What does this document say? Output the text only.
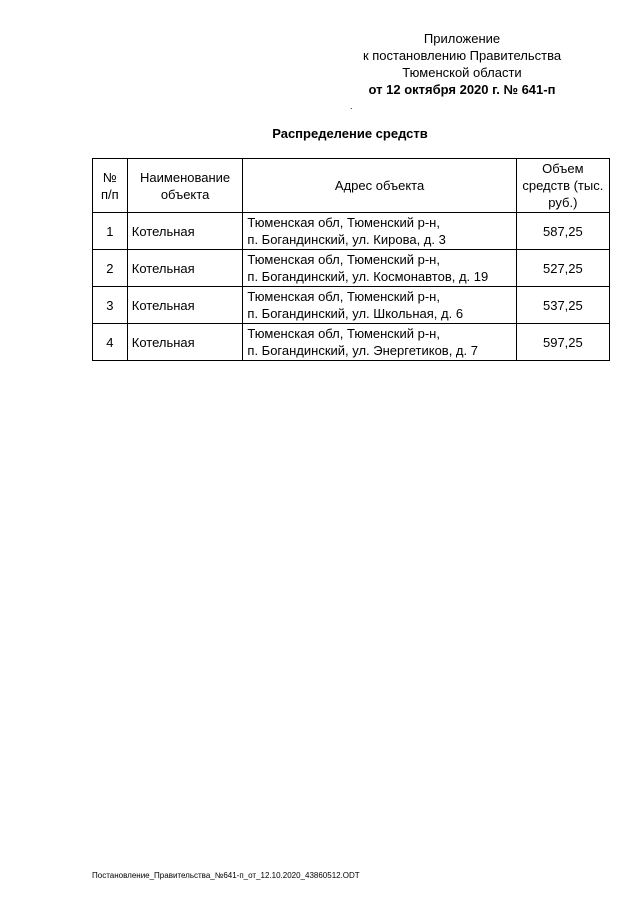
Приложение
к постановлению Правительства
Тюменской области
от 12 октября 2020 г. № 641-п
.
Распределение средств
№ п/п	Наименование объекта	Адрес объекта	Объем средств (тыс. руб.)
1	Котельная	Тюменская обл, Тюменский р-н,
п. Богандинский, ул. Кирова, д. 3	587,25
2	Котельная	Тюменская обл, Тюменский р-н,
п. Богандинский, ул. Космонавтов, д. 19	527,25
3	Котельная	Тюменская обл, Тюменский р-н,
п. Богандинский, ул. Школьная, д. 6	537,25
4	Котельная	Тюменская обл, Тюменский р-н,
п. Богандинский, ул. Энергетиков, д. 7	597,25
Постановление_Правительства_№641-п_от_12.10.2020_43860512.ODT
